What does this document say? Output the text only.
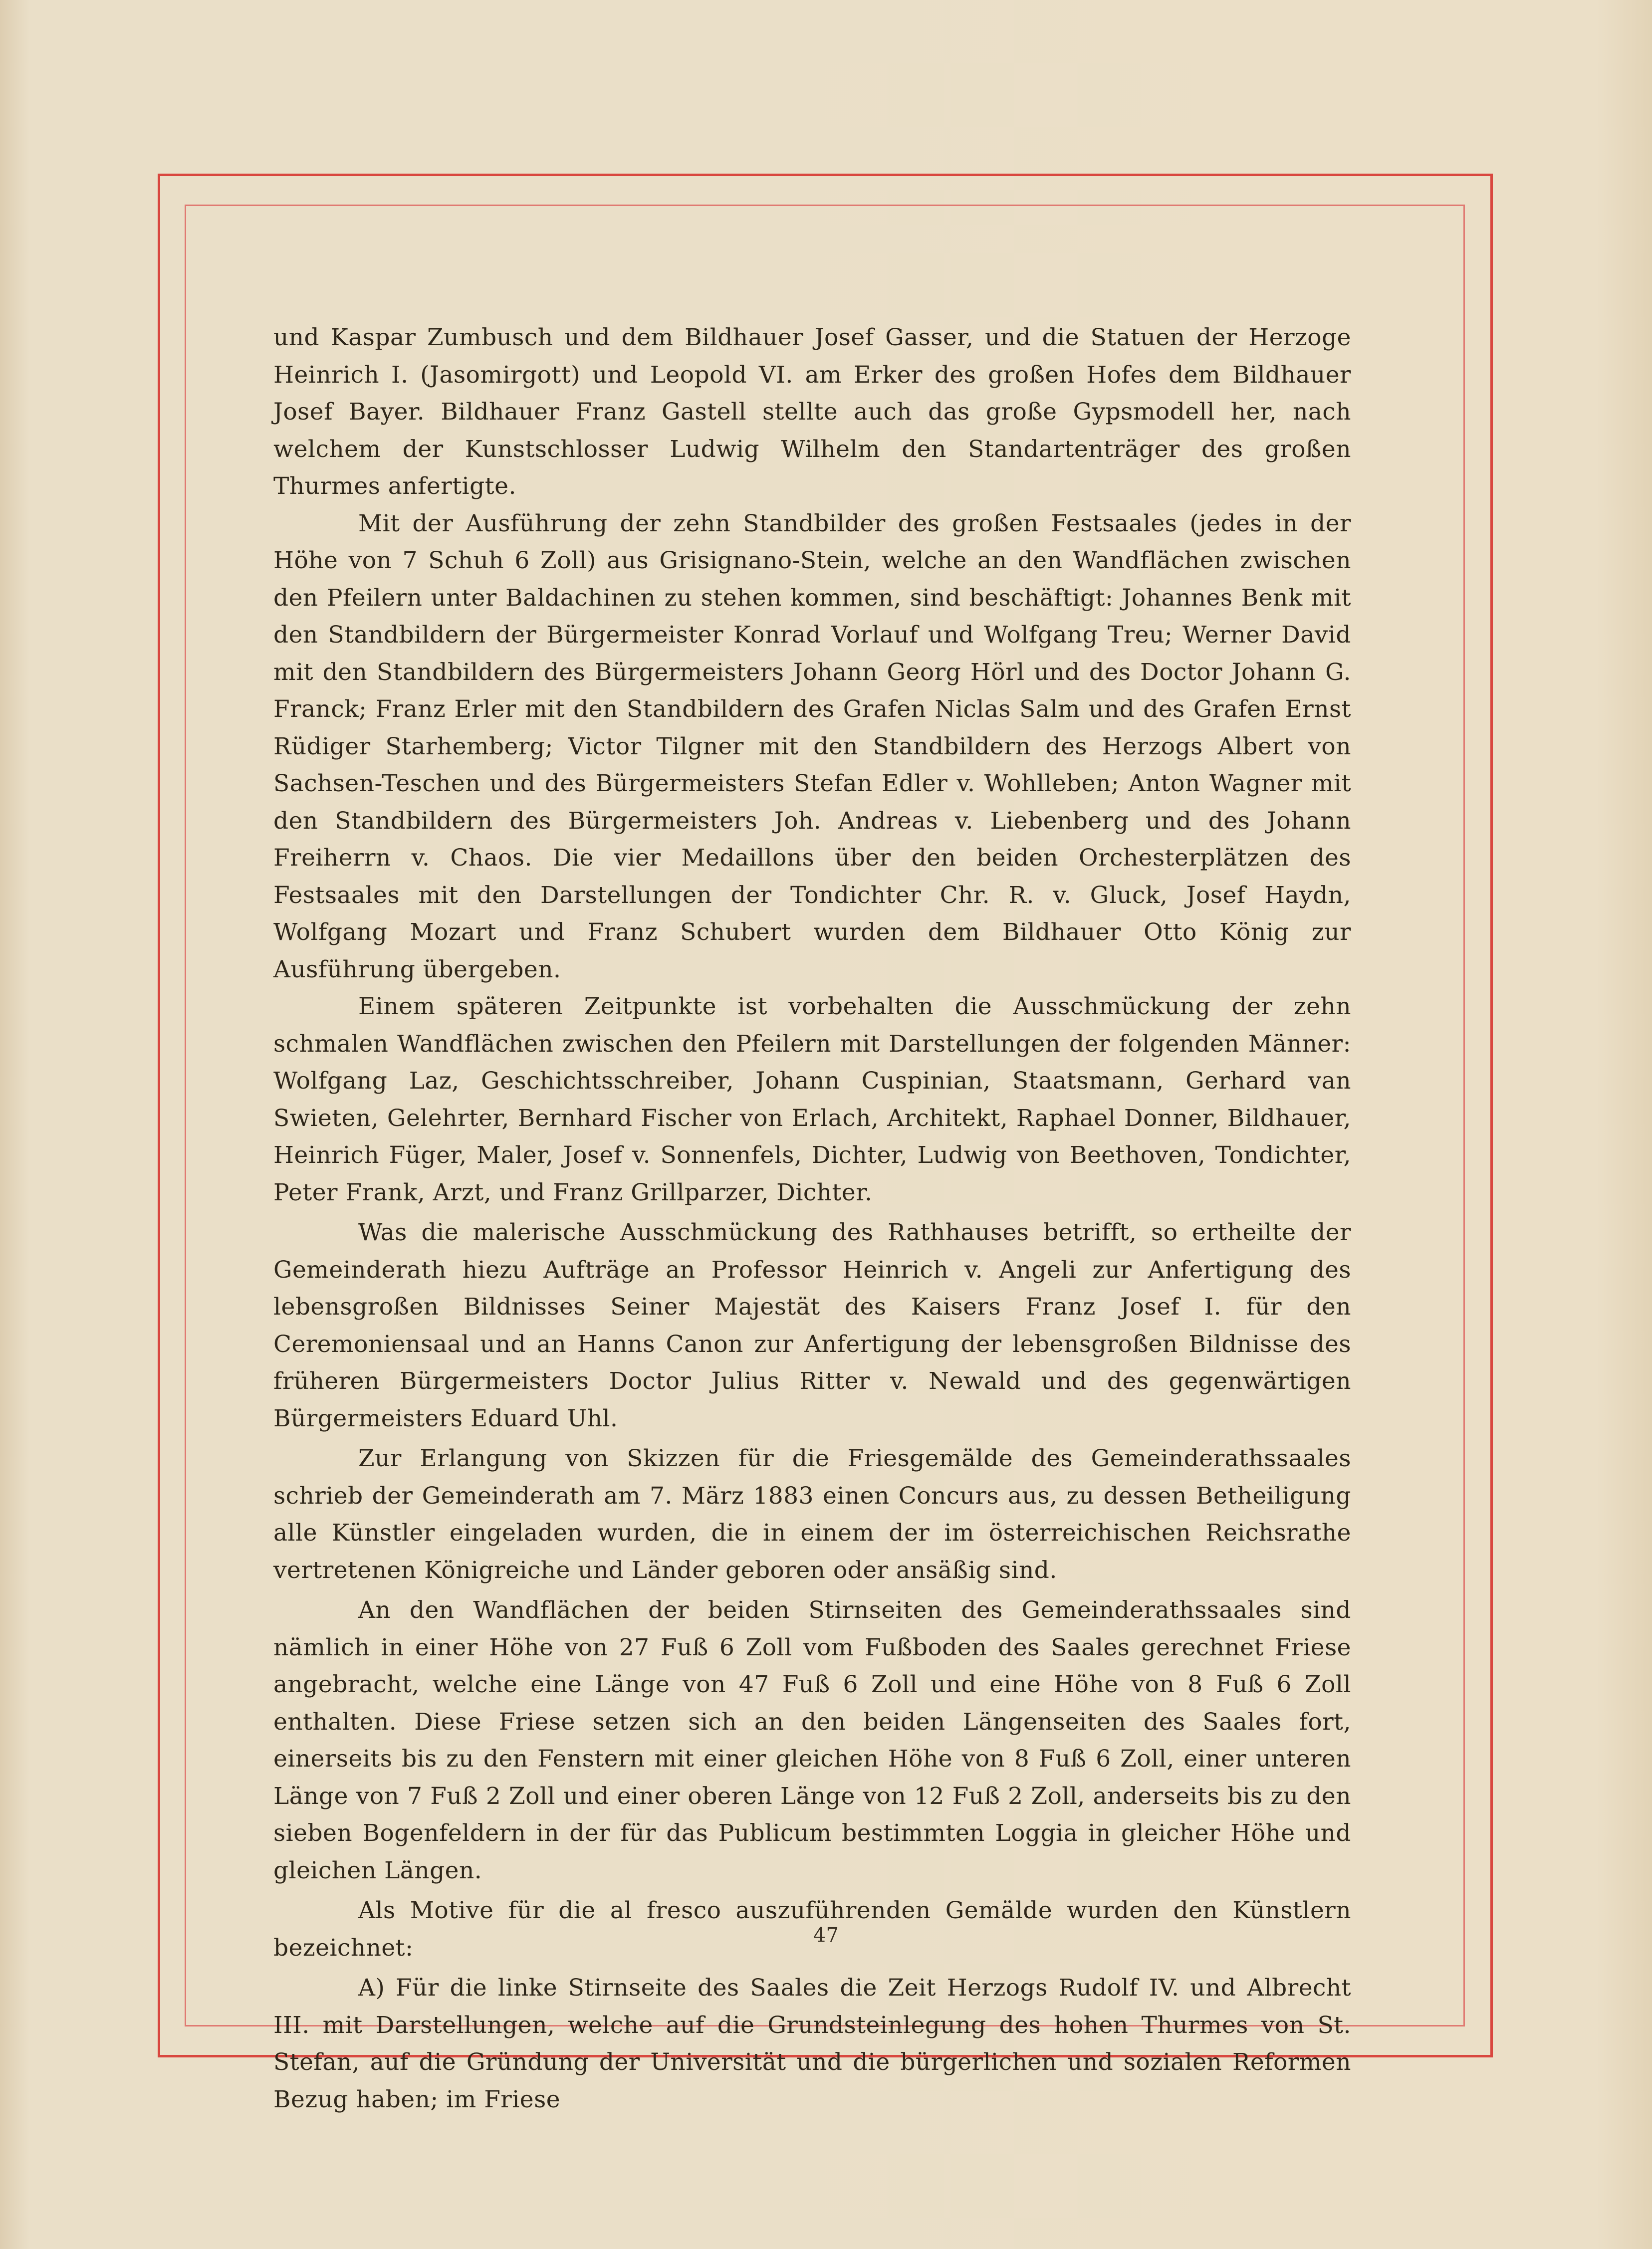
und Kaspar Zumbusch und dem Bildhauer Josef Gasser, und die Statuen der Herzoge Heinrich I. (Jasomirgott) und Leopold VI. am Erker des großen Hofes dem Bildhauer Josef Bayer. Bildhauer Franz Gastell stellte auch das große Gypsmodell her, nach welchem der Kunstschlosser Ludwig Wilhelm den Standartenträger des großen Thurmes anfertigte.

Mit der Ausführung der zehn Standbilder des großen Festsaales (jedes in der Höhe von 7 Schuh 6 Zoll) aus Grisignano-Stein, welche an den Wandflächen zwischen den Pfeilern unter Baldachinen zu stehen kommen, sind beschäftigt: Johannes Benk mit den Standbildern der Bürgermeister Konrad Vorlauf und Wolfgang Treu; Werner David mit den Standbildern des Bürgermeisters Johann Georg Hörl und des Doctor Johann G. Franck; Franz Erler mit den Standbildern des Grafen Niclas Salm und des Grafen Ernst Rüdiger Starhemberg; Victor Tilgner mit den Standbildern des Herzogs Albert von Sachsen-Teschen und des Bürgermeisters Stefan Edler v. Wohlleben; Anton Wagner mit den Standbildern des Bürgermeisters Joh. Andreas v. Liebenberg und des Johann Freiherrn v. Chaos. Die vier Medaillons über den beiden Orchesterplätzen des Festsaales mit den Darstellungen der Tondichter Chr. R. v. Gluck, Josef Haydn, Wolfgang Mozart und Franz Schubert wurden dem Bildhauer Otto König zur Ausführung übergeben.

Einem späteren Zeitpunkte ist vorbehalten die Ausschmückung der zehn schmalen Wandflächen zwischen den Pfeilern mit Darstellungen der folgenden Männer: Wolfgang Laz, Geschichtsschreiber, Johann Cuspinian, Staatsmann, Gerhard van Swieten, Gelehrter, Bernhard Fischer von Erlach, Architekt, Raphael Donner, Bildhauer, Heinrich Füger, Maler, Josef v. Sonnenfels, Dichter, Ludwig von Beethoven, Tondichter, Peter Frank, Arzt, und Franz Grillparzer, Dichter.

Was die malerische Ausschmückung des Rathhauses betrifft, so ertheilte der Gemeinderath hiezu Aufträge an Professor Heinrich v. Angeli zur Anfertigung des lebensgroßen Bildnisses Seiner Majestät des Kaisers Franz Josef I. für den Ceremoniensaal und an Hanns Canon zur Anfertigung der lebensgroßen Bildnisse des früheren Bürgermeisters Doctor Julius Ritter v. Newald und des gegenwärtigen Bürgermeisters Eduard Uhl.

Zur Erlangung von Skizzen für die Friesgemälde des Gemeinderathssaales schrieb der Gemeinderath am 7. März 1883 einen Concurs aus, zu dessen Betheiligung alle Künstler eingeladen wurden, die in einem der im österreichischen Reichsrathe vertretenen Königreiche und Länder geboren oder ansäßig sind.

An den Wandflächen der beiden Stirnseiten des Gemeinderathssaales sind nämlich in einer Höhe von 27 Fuß 6 Zoll vom Fußboden des Saales gerechnet Friese angebracht, welche eine Länge von 47 Fuß 6 Zoll und eine Höhe von 8 Fuß 6 Zoll enthalten. Diese Friese setzen sich an den beiden Längenseiten des Saales fort, einerseits bis zu den Fenstern mit einer gleichen Höhe von 8 Fuß 6 Zoll, einer unteren Länge von 7 Fuß 2 Zoll und einer oberen Länge von 12 Fuß 2 Zoll, anderseits bis zu den sieben Bogenfeldern in der für das Publicum bestimmten Loggia in gleicher Höhe und gleichen Längen.

Als Motive für die al fresco auszuführenden Gemälde wurden den Künstlern bezeichnet:

A) Für die linke Stirnseite des Saales die Zeit Herzogs Rudolf IV. und Albrecht III. mit Darstellungen, welche auf die Grundsteinlegung des hohen Thurmes von St. Stefan, auf die Gründung der Universität und die bürgerlichen und sozialen Reformen Bezug haben; im Friese

47
